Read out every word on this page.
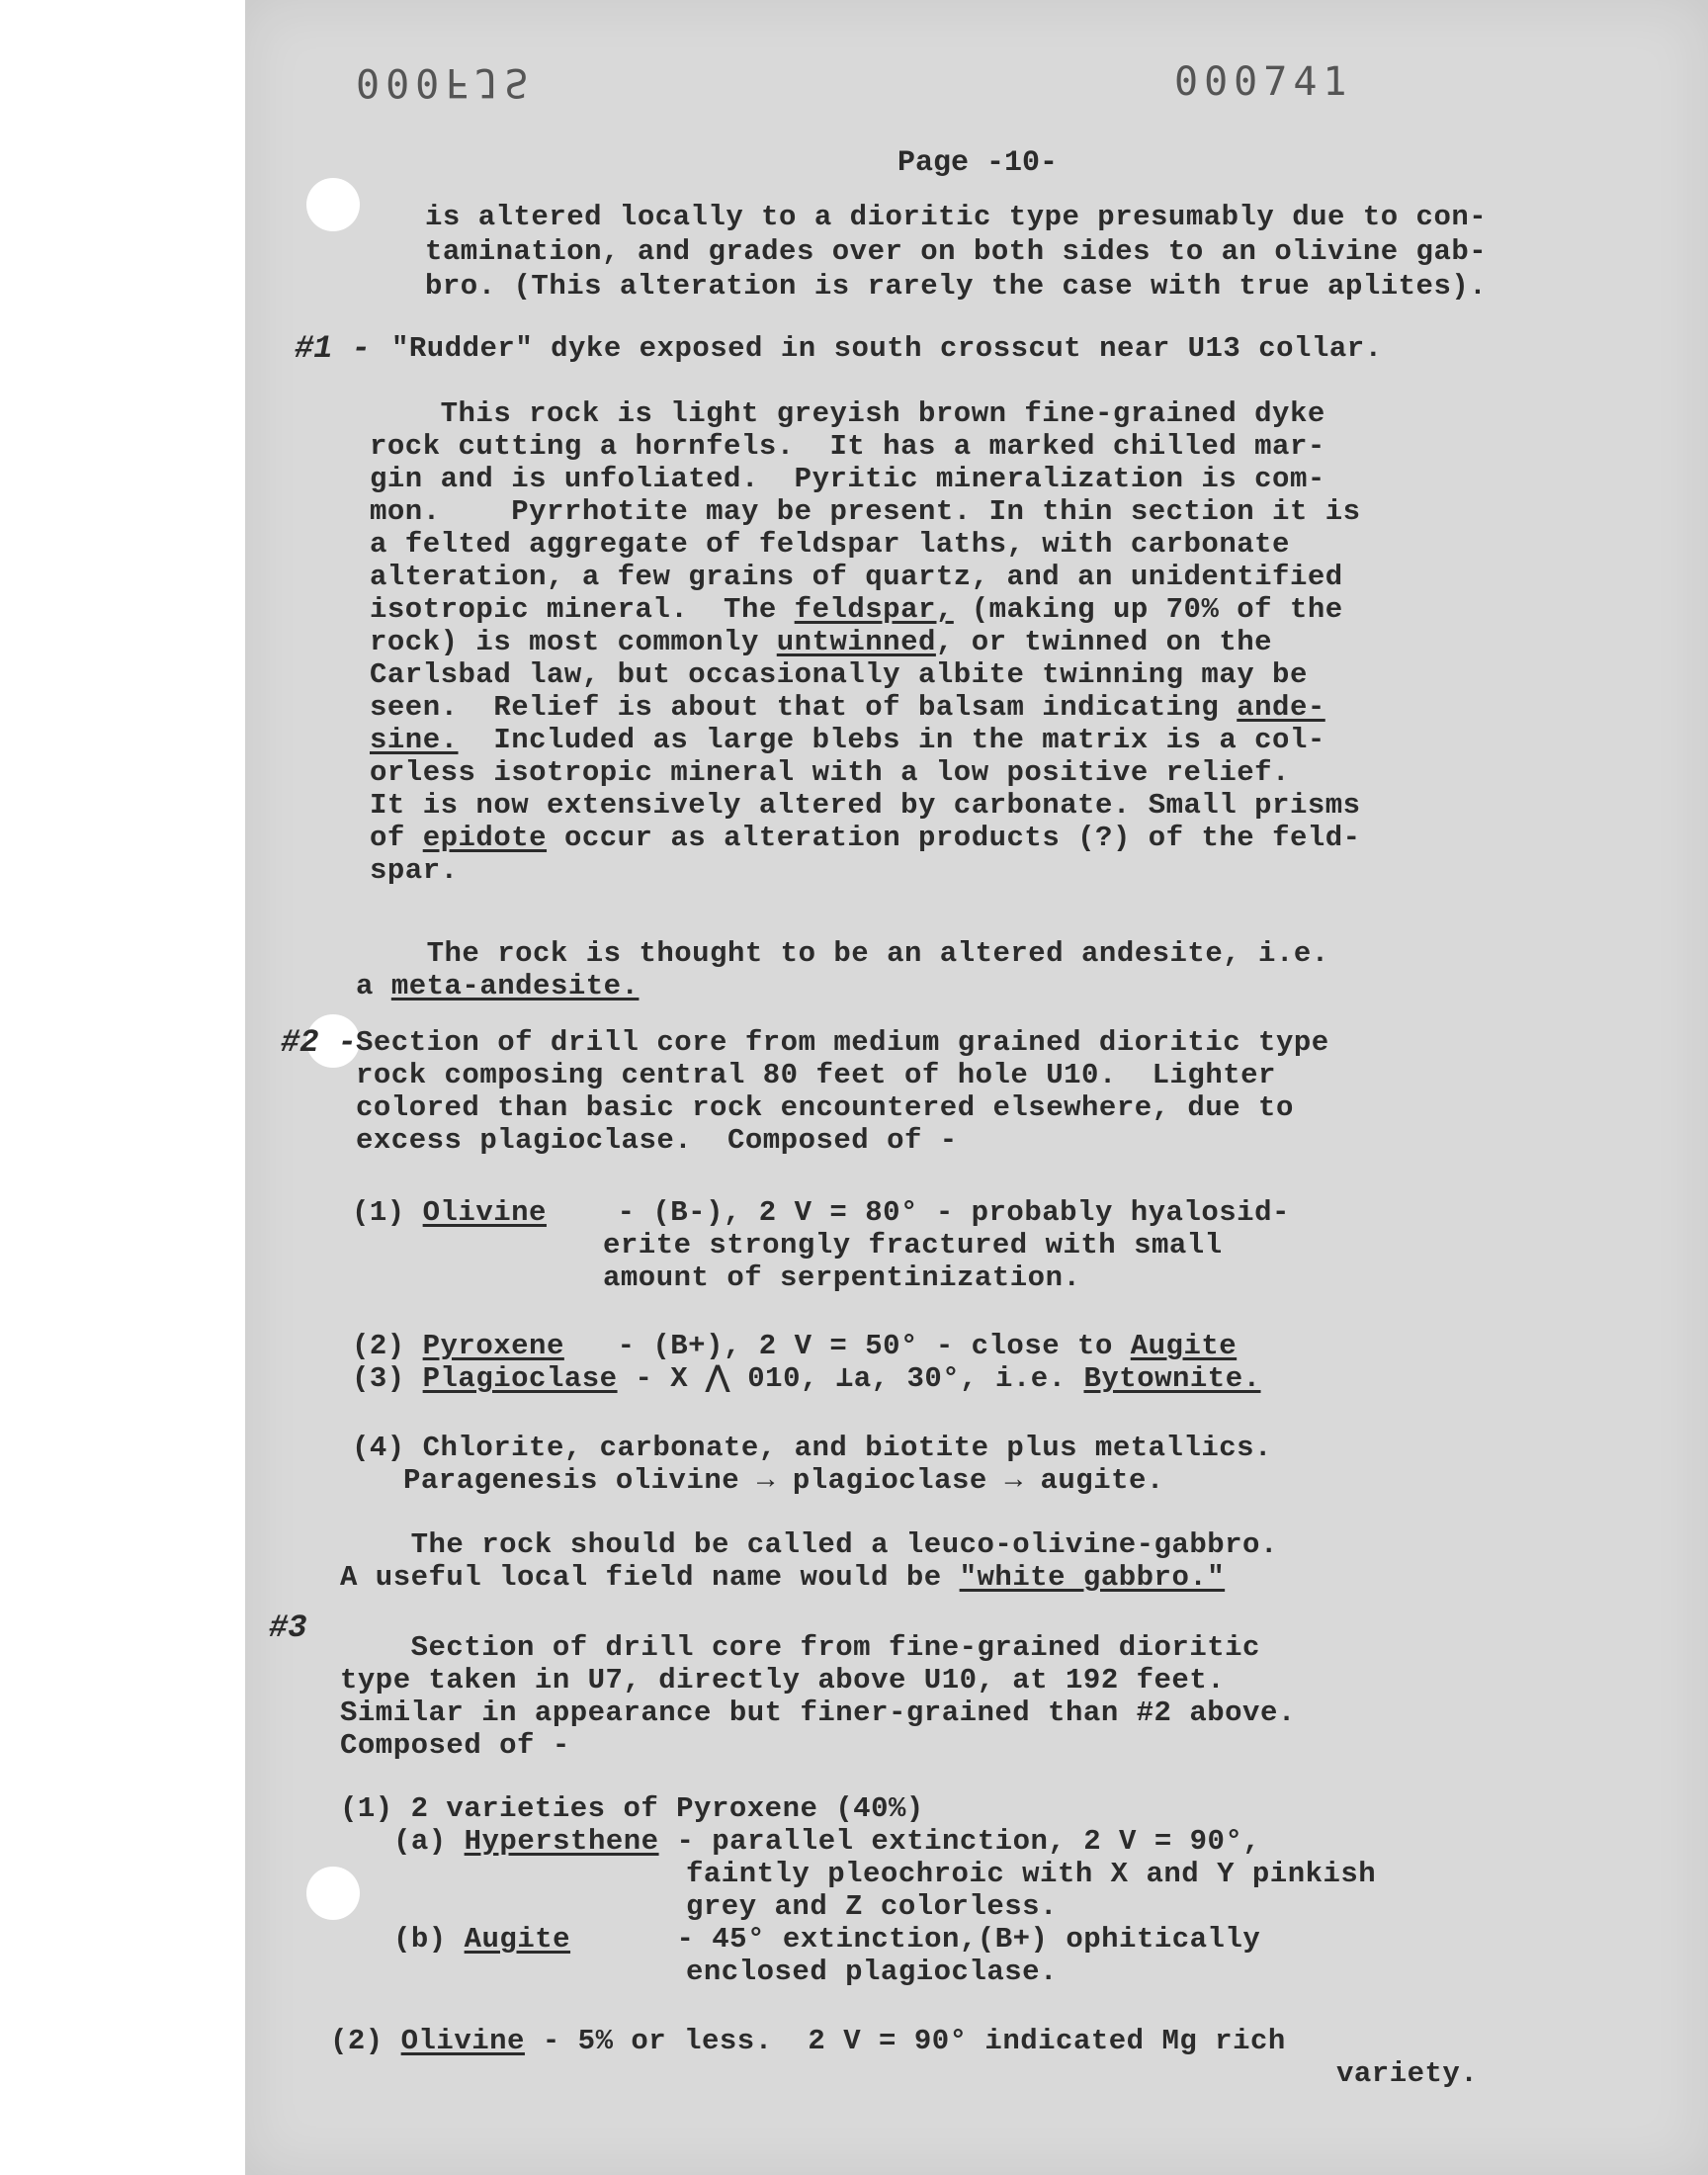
000FJS	000741
Page -10-
is altered locally to a dioritic type presumably due to con-
tamination, and grades over on both sides to an olivine gab-
bro. (This alteration is rarely the case with true aplites).
#1 - "Rudder" dyke exposed in south crosscut near U13 collar.
This rock is light greyish brown fine-grained dyke
rock cutting a hornfels.  It has a marked chilled mar-
gin and is unfoliated.  Pyritic mineralization is com-
mon.    Pyrrhotite may be present. In thin section it is
a felted aggregate of feldspar laths, with carbonate
alteration, a few grains of quartz, and an unidentified
isotropic mineral.  The feldspar, (making up 70% of the
rock) is most commonly untwinned, or twinned on the
Carlsbad law, but occasionally albite twinning may be
seen.  Relief is about that of balsam indicating ande-
sine.  Included as large blebs in the matrix is a col-
orless isotropic mineral with a low positive relief.
It is now extensively altered by carbonate. Small prisms
of epidote occur as alteration products (?) of the feld-
spar.
The rock is thought to be an altered andesite, i.e.
a meta-andesite.
#2 - Section of drill core from medium grained dioritic type
rock composing central 80 feet of hole U10.  Lighter
colored than basic rock encountered elsewhere, due to
excess plagioclase.  Composed of -
(1) Olivine    - (B-), 2 V = 80° - probably hyalosid-
erite strongly fractured with small
amount of serpentinization.
(2) Pyroxene   - (B+), 2 V = 50° - close to Augite
(3) Plagioclase - X ⋀ 010, ⊥a, 30°, i.e. Bytownite.
(4) Chlorite, carbonate, and biotite plus metallics.
Paragenesis olivine → plagioclase → augite.
The rock should be called a leuco-olivine-gabbro.
A useful local field name would be "white gabbro."
#3
Section of drill core from fine-grained dioritic
type taken in U7, directly above U10, at 192 feet.
Similar in appearance but finer-grained than #2 above.
Composed of -
(1) 2 varieties of Pyroxene (40%)
(a) Hypersthene - parallel extinction, 2 V = 90°,
faintly pleochroic with X and Y pinkish
grey and Z colorless.
(b) Augite      - 45° extinction,(B+) ophitically
enclosed plagioclase.
(2) Olivine - 5% or less.  2 V = 90° indicated Mg rich
variety.
